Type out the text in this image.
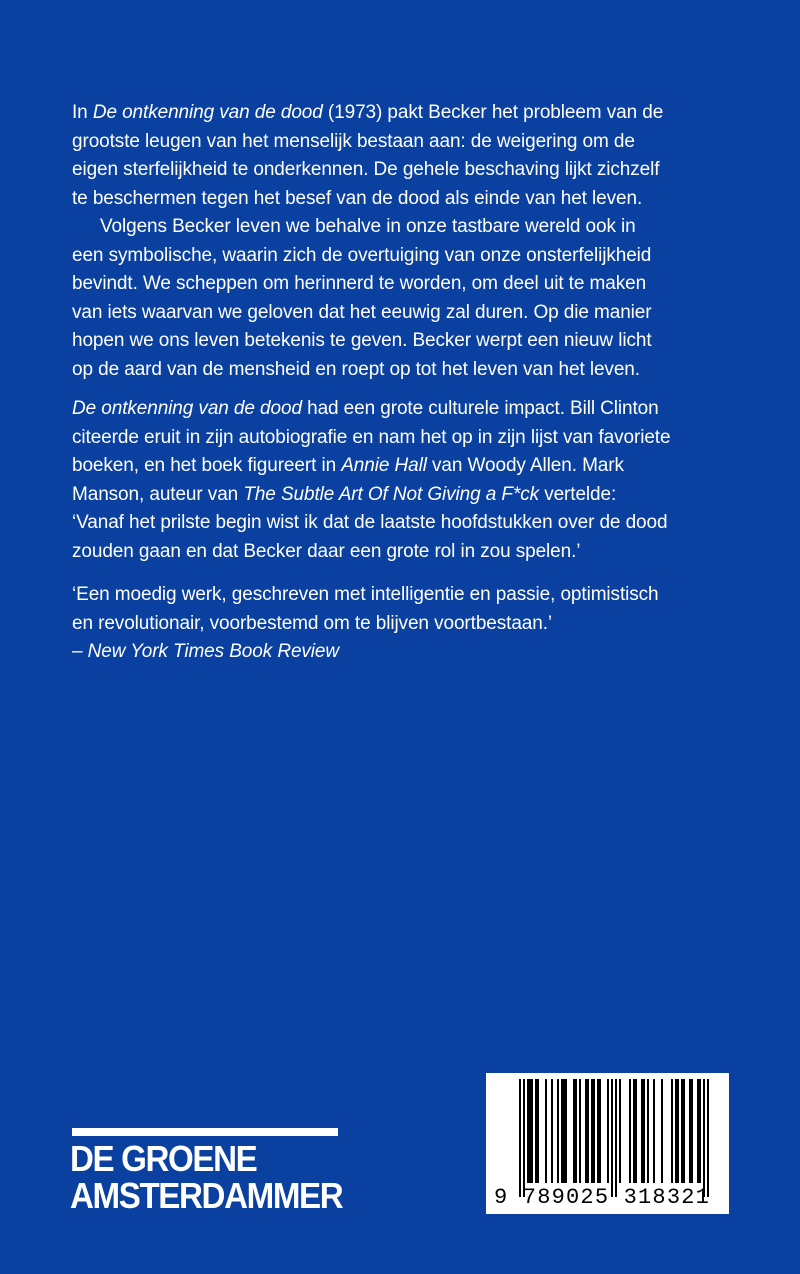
In De ontkenning van de dood (1973) pakt Becker het probleem van de grootste leugen van het menselijk bestaan aan: de weigering om de eigen sterfelijkheid te onderkennen. De gehele beschaving lijkt zichzelf te beschermen tegen het besef van de dood als einde van het leven.

Volgens Becker leven we behalve in onze tastbare wereld ook in een symbolische, waarin zich de overtuiging van onze onsterfelijkheid bevindt. We scheppen om herinnerd te worden, om deel uit te maken van iets waarvan we geloven dat het eeuwig zal duren. Op die manier hopen we ons leven betekenis te geven. Becker werpt een nieuw licht op de aard van de mensheid en roept op tot het leven van het leven.

De ontkenning van de dood had een grote culturele impact. Bill Clinton citeerde eruit in zijn autobiografie en nam het op in zijn lijst van favoriete boeken, en het boek figureert in Annie Hall van Woody Allen. Mark Manson, auteur van The Subtle Art Of Not Giving a F*ck vertelde: ‘Vanaf het prilste begin wist ik dat de laatste hoofdstukken over de dood zouden gaan en dat Becker daar een grote rol in zou spelen.’

‘Een moedig werk, geschreven met intelligentie en passie, optimistisch en revolutionair, voorbestemd om te blijven voortbestaan.’

– New York Times Book Review

DE GROENE
AMSTERDAMMER	9 789025 318321
